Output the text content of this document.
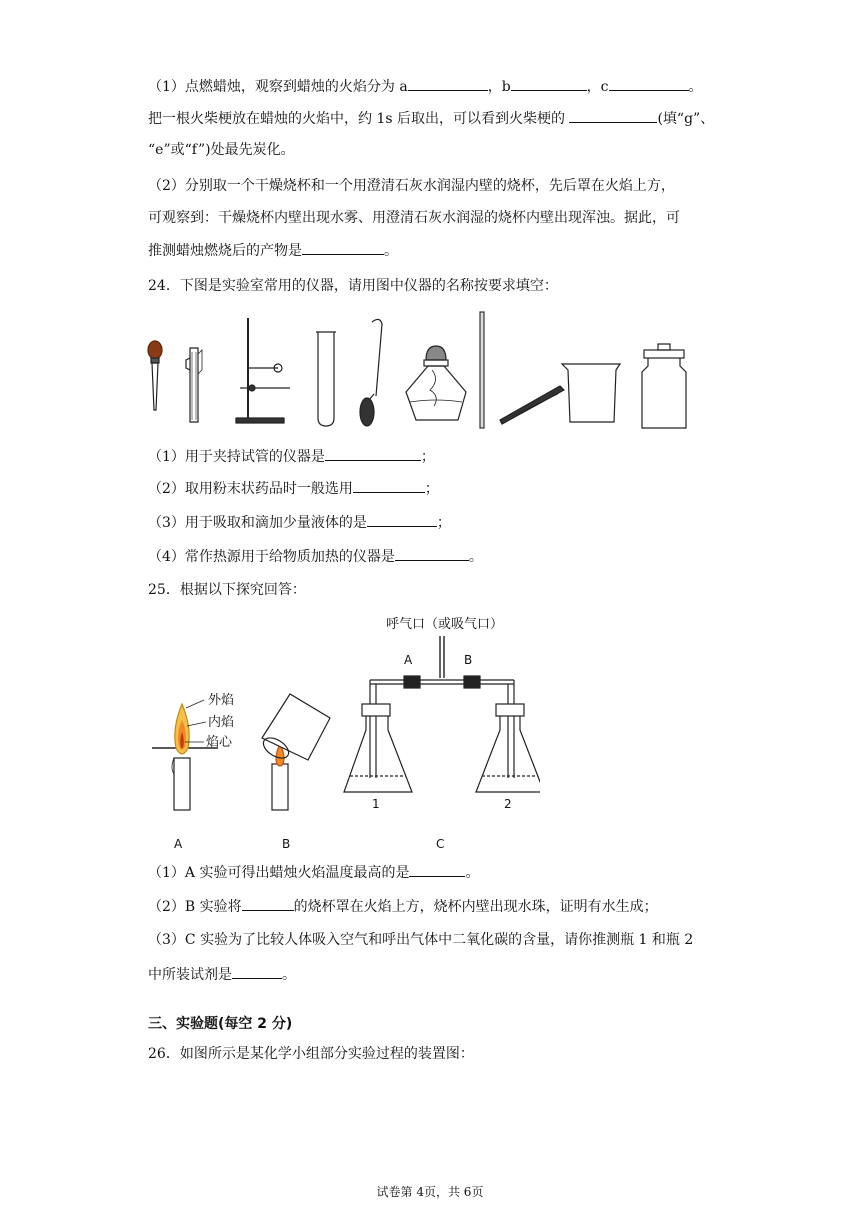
（1）点燃蜡烛，观察到蜡烛的火焰分为 a	，b	，c	。
把一根火柴梗放在蜡烛的火焰中，约 1s 后取出，可以看到火柴梗的	(填“g”、
“e”或“f”)处最先炭化。
（2）分别取一个干燥烧杯和一个用澄清石灰水润湿内壁的烧杯，先后罩在火焰上方，
可观察到：干燥烧杯内壁出现水雾、用澄清石灰水润湿的烧杯内壁出现浑浊。据此，可
推测蜡烛燃烧后的产物是	。
24．下图是实验室常用的仪器，请用图中仪器的名称按要求填空：
（1）用于夹持试管的仪器是	；
（2）取用粉末状药品时一般选用	；
（3）用于吸取和滴加少量液体的是	；
（4）常作热源用于给物质加热的仪器是	。
25．根据以下探究回答：
呼气口（或吸气口）
A	B
外焰
内焰
焰心
1	2
A	B	C
（1）A 实验可得出蜡烛火焰温度最高的是	。
（2）B 实验将	的烧杯罩在火焰上方，烧杯内壁出现水珠，证明有水生成；
（3）C 实验为了比较人体吸入空气和呼出气体中二氧化碳的含量，请你推测瓶 1 和瓶 2
中所装试剂是	。
三、实验题(每空 2 分)
26．如图所示是某化学小组部分实验过程的装置图：
试卷第 4页，共 6页
